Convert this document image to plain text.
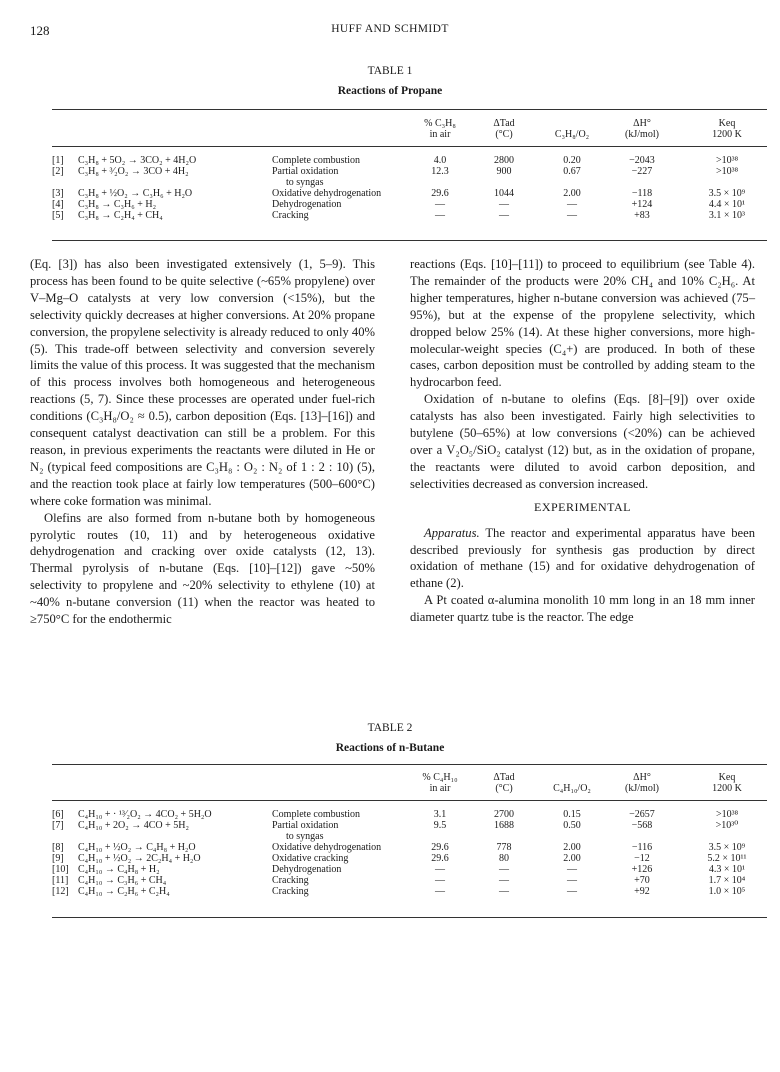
128	HUFF AND SCHMIDT
TABLE 1
Reactions of Propane
% C₃H₈	ΔTad	ΔH°	Keq
in air	(°C)	C₃H₈/O₂	(kJ/mol)	1200 K
[1]	C₃H₈ + 5O₂ → 3CO₂ + 4H₂O	Complete combustion	4.0	2800	0.20	−2043	>10³⁸
[2]	C₃H₈ + ³⁄₂O₂ → 3CO + 4H₂	Partial oxidation	12.3	900	0.67	−227	>10³⁸
to syngas
[3]	C₃H₈ + ½O₂ → C₃H₆ + H₂O	Oxidative dehydrogenation	29.6	1044	2.00	−118	3.5 × 10⁹
[4]	C₃H₈ → C₃H₆ + H₂	Dehydrogenation	—	—	—	+124	4.4 × 10¹
[5]	C₃H₈ → C₂H₄ + CH₄	Cracking	—	—	—	+83	3.1 × 10³

(Eq. [3]) has also been investigated extensively (1, 5–9). This process has been found to be quite selective (~65% propylene) over V–Mg–O catalysts at very low conversion (<15%), but the selectivity quickly decreases at higher conversions. At 20% propane conversion, the propylene selectivity is already reduced to only 40% (5). This trade-off between selectivity and conversion severely limits the value of this process. It was suggested that the mechanism of this process involves both homogeneous and heterogeneous reactions (5, 7). Since these processes are operated under fuel-rich conditions (C₃H₈/O₂ ≈ 0.5), carbon deposition (Eqs. [13]–[16]) and consequent catalyst deactivation can still be a problem. For this reason, in previous experiments the reactants were diluted in He or N₂ (typical feed compositions are C₃H₈ : O₂ : N₂ of 1 : 2 : 10) (5), and the reaction took place at fairly low temperatures (500–600°C) where coke formation was minimal.

Olefins are also formed from n-butane both by homogeneous pyrolytic routes (10, 11) and by heterogeneous oxidative dehydrogenation and cracking over oxide catalysts (12, 13). Thermal pyrolysis of n-butane (Eqs. [10]–[12]) gave ~50% selectivity to propylene and ~20% selectivity to ethylene (10) at ~40% n-butane conversion (11) when the reactor was heated to ≥750°C for the endothermic

reactions (Eqs. [10]–[11]) to proceed to equilibrium (see Table 4). The remainder of the products were 20% CH₄ and 10% C₂H₆. At higher temperatures, higher n-butane conversion was achieved (75–95%), but at the expense of the propylene selectivity, which dropped below 25% (14). At these higher conversions, more high-molecular-weight species (C₄+) are produced. In both of these cases, carbon deposition must be controlled by adding steam to the hydrocarbon feed.

Oxidation of n-butane to olefins (Eqs. [8]–[9]) over oxide catalysts has also been investigated. Fairly high selectivities to butylene (50–65%) at low conversions (<20%) can be achieved over a V₂O₅/SiO₂ catalyst (12) but, as in the oxidation of propane, the reactants were diluted to avoid carbon deposition, and selectivities decreased as conversion increased.

EXPERIMENTAL

Apparatus. The reactor and experimental apparatus have been described previously for synthesis gas production by direct oxidation of methane (15) and for oxidative dehydrogenation of ethane (2).

A Pt coated α-alumina monolith 10 mm long in an 18 mm inner diameter quartz tube is the reactor. The edge

TABLE 2
Reactions of n-Butane
% C₄H₁₀	ΔTad	ΔH°	Keq
in air	(°C)	C₄H₁₀/O₂	(kJ/mol)	1200 K
[6]	C₄H₁₀ + · ¹³⁄₂O₂ → 4CO₂ + 5H₂O	Complete combustion	3.1	2700	0.15	−2657	>10³⁸
[7]	C₄H₁₀ + 2O₂ → 4CO + 5H₂	Partial oxidation	9.5	1688	0.50	−568	>10³⁰
to syngas
[8]	C₄H₁₀ + ½O₂ → C₄H₈ + H₂O	Oxidative dehydrogenation	29.6	778	2.00	−116	3.5 × 10⁹
[9]	C₄H₁₀ + ½O₂ → 2C₂H₄ + H₂O	Oxidative cracking	29.6	80	2.00	−12	5.2 × 10¹¹
[10] C₄H₁₀ → C₄H₈ + H₂	Dehydrogenation	—	—	—	+126	4.3 × 10¹
[11] C₄H₁₀ → C₃H₆ + CH₄	Cracking	—	—	—	+70	1.7 × 10⁴
[12] C₄H₁₀ → C₂H₆ + C₂H₄	Cracking	—	—	—	+92	1.0 × 10⁵
